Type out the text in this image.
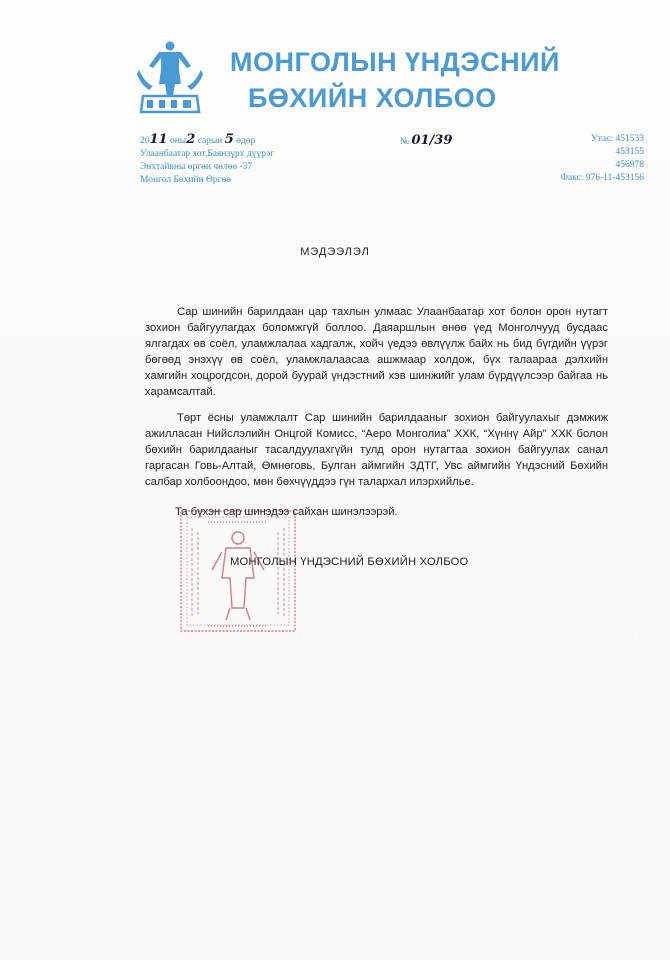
МОНГОЛЫН ҮНДЭСНИЙ
БӨХИЙН ХОЛБОО
2011 оны2 сарын 5 өдөр
Улаанбаатар хот,Баянзүрх дүүрэг
Энхтайвны өргөн чөлөө -37
Монгол Бөхийн Өргөө
№ 01/39	Утас: 451533
453155
456978
Факс: 976-11-453156
МЭДЭЭЛЭЛ

Сар шинийн барилдаан цар тахлын улмаас Улаанбаатар хот болон орон нутагт зохион байгуулагдах боломжгүй боллоо. Даяаршлын өнөө үед Монголчууд бусдаас ялгагдах өв соёл, уламжлалаа хадгалж, хойч үедээ өвлүүлж байх нь бид бүгдийн үүрэг бөгөөд энэхүү өв соёл, уламжлалаасаа ашжмаар холдож, бүх талаараа дэлхийн хамгийн хоцрогдсон, дорой буурай үндэстний хэв шинжийг улам бүрдүүлсээр байгаа нь харамсалтай.

Төрт ёсны уламжлалт Сар шинийн барилдааныг зохион байгуулахыг дэмжиж ажилласан Нийслэлийн Онцгой Комисс, “Аеро Монголиа” ХХК, “Хүннү Айр” ХХК болон бөхийн барилдааныг тасалдуулахгүйн тулд орон нутагтаа зохион байгуулах санал гаргасан Говь-Алтай, Өмнөговь, Булган аймгийн ЗДТГ, Увс аймгийн Үндэсний Бөхийн салбар холбоондоо, мөн бөхчүүддээ гүн талархал илэрхийлье.

Та бүхэн сар шинэдээ сайхан шинэлээрэй.
МОНГОЛЫН ҮНДЭСНИЙ БӨХИЙН ХОЛБОО
